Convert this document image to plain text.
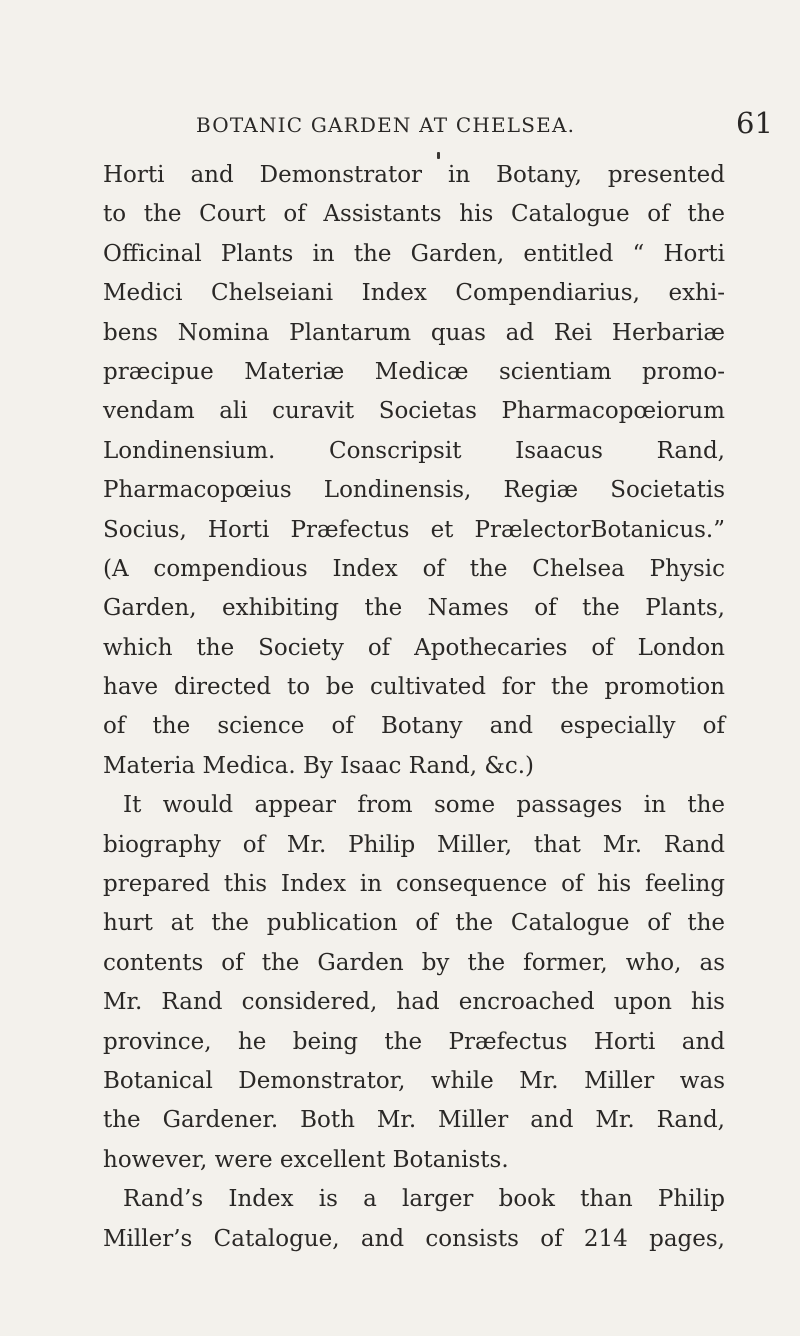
BOTANIC GARDEN AT CHELSEA.	61
Horti and Demonstrator in Botany, presented
to the Court of Assistants his Catalogue of the
Officinal Plants in the Garden, entitled “ Horti
Medici Chelseiani Index Compendiarius, exhi-
bens Nomina Plantarum quas ad Rei Herbariæ
præcipue Materiæ Medicæ scientiam promo-
vendam ali curavit Societas Pharmacopœiorum
Londinensium. Conscripsit Isaacus Rand,
Pharmacopœius Londinensis, Regiæ Societatis
Socius, Horti Præfectus et PrælectorBotanicus.”
(A compendious Index of the Chelsea Physic
Garden, exhibiting the Names of the Plants,
which the Society of Apothecaries of London
have directed to be cultivated for the promotion
of the science of Botany and especially of
Materia Medica. By Isaac Rand, &c.)
It would appear from some passages in the
biography of Mr. Philip Miller, that Mr. Rand
prepared this Index in consequence of his feeling
hurt at the publication of the Catalogue of the
contents of the Garden by the former, who, as
Mr. Rand considered, had encroached upon his
province, he being the Præfectus Horti and
Botanical Demonstrator, while Mr. Miller was
the Gardener. Both Mr. Miller and Mr. Rand,
however, were excellent Botanists.
Rand’s Index is a larger book than Philip
Miller’s Catalogue, and consists of 214 pages,
